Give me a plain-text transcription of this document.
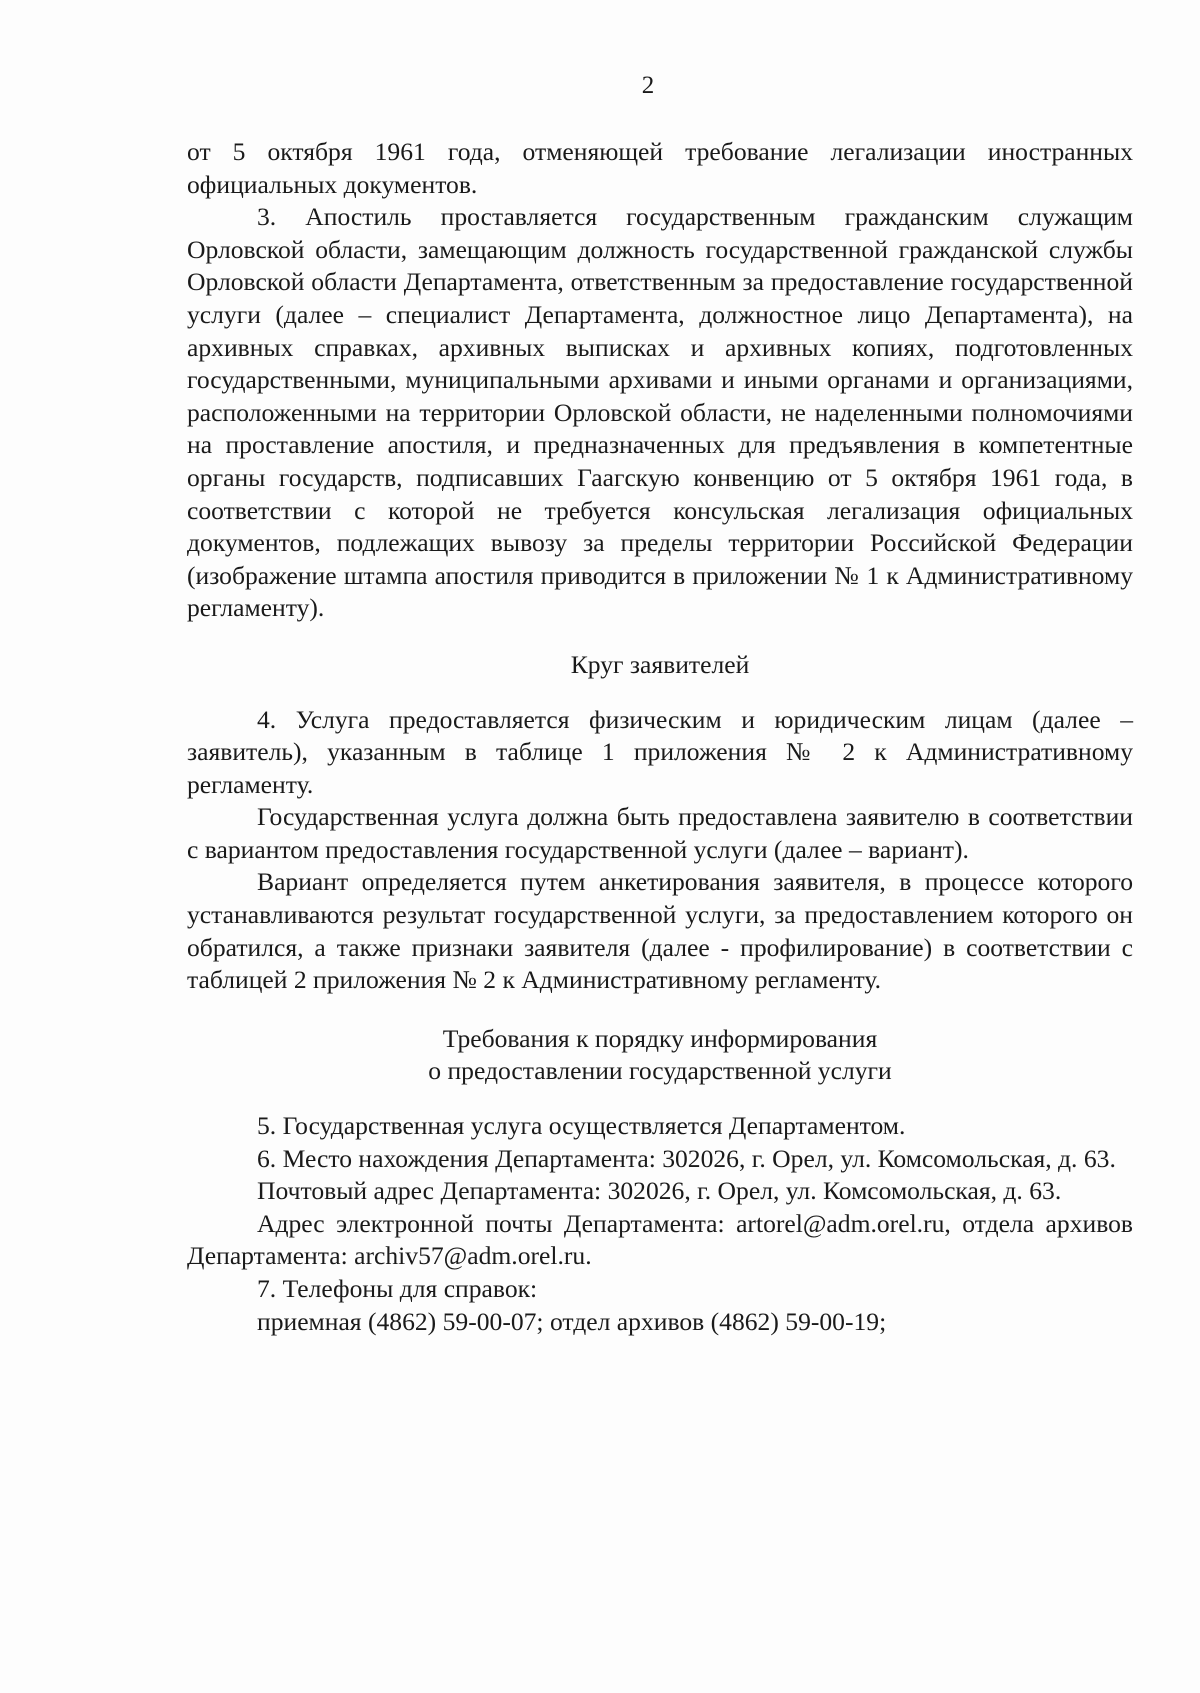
2

от 5 октября 1961 года, отменяющей требование легализации иностранных официальных документов.

3. Апостиль проставляется государственным гражданским служащим Орловской области, замещающим должность государственной гражданской службы Орловской области Департамента, ответственным за предоставление государственной услуги (далее – специалист Департамента, должностное лицо Департамента), на архивных справках, архивных выписках и архивных копиях, подготовленных государственными, муниципальными архивами и иными органами и организациями, расположенными на территории Орловской области, не наделенными полномочиями на проставление апостиля, и предназначенных для предъявления в компетентные органы государств, подписавших Гаагскую конвенцию от 5 октября 1961 года, в соответствии с которой не требуется консульская легализация официальных документов, подлежащих вывозу за пределы территории Российской Федерации (изображение штампа апостиля приводится в приложении № 1 к Административному регламенту).

Круг заявителей

4. Услуга предоставляется физическим и юридическим лицам (далее – заявитель), указанным в таблице 1 приложения № 2 к Административному регламенту.

Государственная услуга должна быть предоставлена заявителю в соответствии с вариантом предоставления государственной услуги (далее – вариант).

Вариант определяется путем анкетирования заявителя, в процессе которого устанавливаются результат государственной услуги, за предоставлением которого он обратился, а также признаки заявителя (далее - профилирование) в соответствии с таблицей 2 приложения № 2 к Административному регламенту.

Требования к порядку информирования
о предоставлении государственной услуги

5. Государственная услуга осуществляется Департаментом.

6. Место нахождения Департамента: 302026, г. Орел, ул. Комсомольская, д. 63.

Почтовый адрес Департамента: 302026, г. Орел, ул. Комсомольская, д. 63.

Адрес электронной почты Департамента: artorel@adm.orel.ru, отдела архивов Департамента: archiv57@adm.orel.ru.

7. Телефоны для справок:

приемная (4862) 59-00-07; отдел архивов (4862) 59-00-19;
